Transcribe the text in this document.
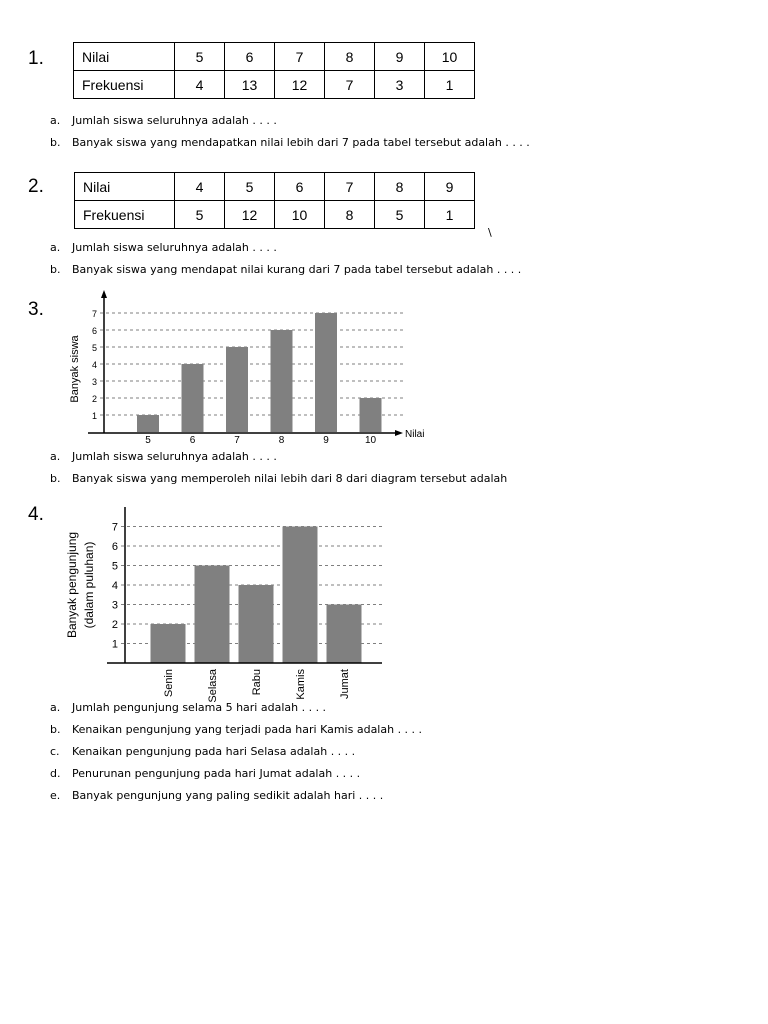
1.	Nilai	5	6	7	8	9	10
Frekuensi	4	13	12	7	3	1
a. Jumlah siswa seluruhnya adalah . . . .
b. Banyak siswa yang mendapatkan nilai lebih dari 7 pada tabel tersebut adalah . . . .
2.	Nilai	4	5	6	7	8	9
Frekuensi	5	12	10	8	5	1
\
a. Jumlah siswa seluruhnya adalah . . . .
b. Banyak siswa yang mendapat nilai kurang dari 7 pada tabel tersebut adalah . . . .
3.
1
2
3
4
5
6
7
5	6	7	8	9	10
Nilai
Banyak siswa
a. Jumlah siswa seluruhnya adalah . . . .
b. Banyak siswa yang memperoleh nilai lebih dari 8 dari diagram tersebut adalah
4.
1
2
3
4
5
6
7
Senin	Selasa	Rabu	Kamis	Jumat
Banyak pengunjung (dalam puluhan)
a. Jumlah pengunjung selama 5 hari adalah . . . .
b. Kenaikan pengunjung yang terjadi pada hari Kamis adalah . . . .
c. Kenaikan pengunjung pada hari Selasa adalah . . . .
d. Penurunan pengunjung pada hari Jumat adalah . . . .
e. Banyak pengunjung yang paling sedikit adalah hari . . . .
